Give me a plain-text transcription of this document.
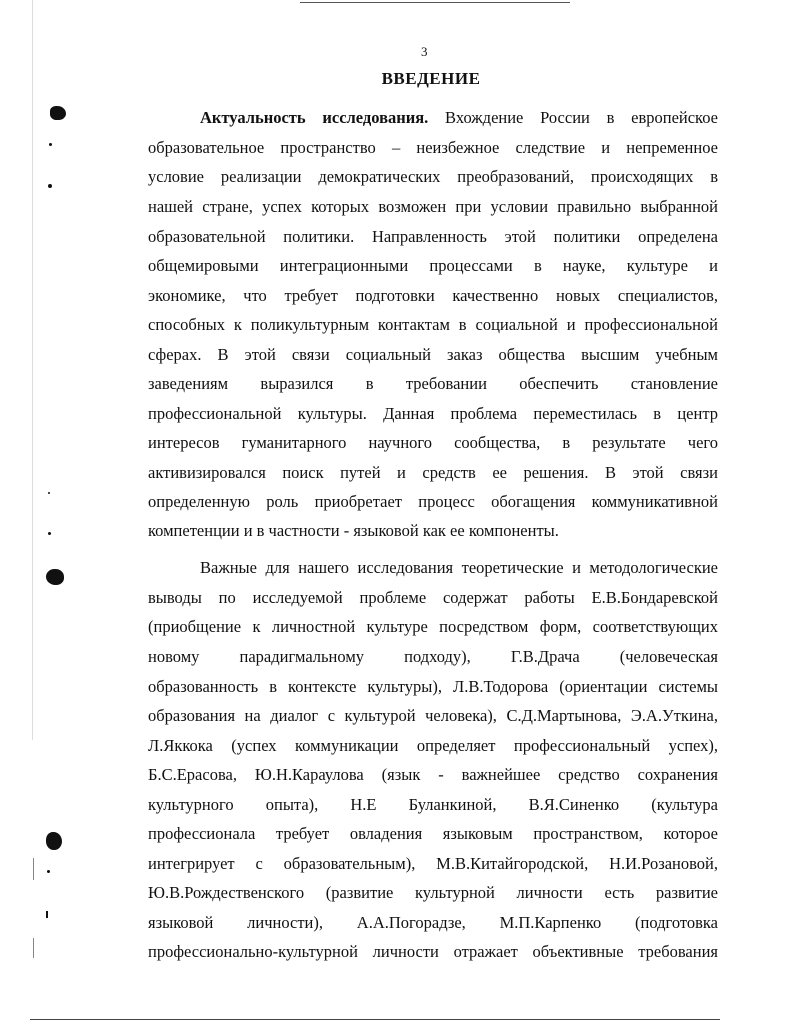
3
ВВЕДЕНИЕ
Актуальность исследования. Вхождение России в европейское
образовательное пространство – неизбежное следствие и непременное
условие реализации демократических преобразований, происходящих в
нашей стране, успех которых возможен при условии правильно выбранной
образовательной политики. Направленность этой политики определена
общемировыми интеграционными процессами в науке, культуре и
экономике, что требует подготовки качественно новых специалистов,
способных к поликультурным контактам в социальной и профессиональной
сферах. В этой связи социальный заказ общества высшим учебным
заведениям выразился в требовании обеспечить становление
профессиональной культуры. Данная проблема переместилась в центр
интересов гуманитарного научного сообщества, в результате чего
активизировался поиск путей и средств ее решения. В этой связи
определенную роль приобретает процесс обогащения коммуникативной
компетенции и в частности - языковой как ее компоненты.
Важные для нашего исследования теоретические и методологические
выводы по исследуемой проблеме содержат работы Е.В.Бондаревской
(приобщение к личностной культуре посредством форм, соответствующих
новому парадигмальному подходу), Г.В.Драча (человеческая
образованность в контексте культуры), Л.В.Тодорова (ориентации системы
образования на диалог с культурой человека), С.Д.Мартынова, Э.А.Уткина,
Л.Яккока (успех коммуникации определяет профессиональный успех),
Б.С.Ерасова, Ю.Н.Караулова (язык - важнейшее средство сохранения
культурного опыта), Н.Е Буланкиной, В.Я.Синенко (культура
профессионала требует овладения языковым пространством, которое
интегрирует с образовательным), М.В.Китайгородской, Н.И.Розановой,
Ю.В.Рождественского (развитие культурной личности есть развитие
языковой личности), А.А.Погорадзе, М.П.Карпенко (подготовка
профессионально-культурной личности отражает объективные требования
